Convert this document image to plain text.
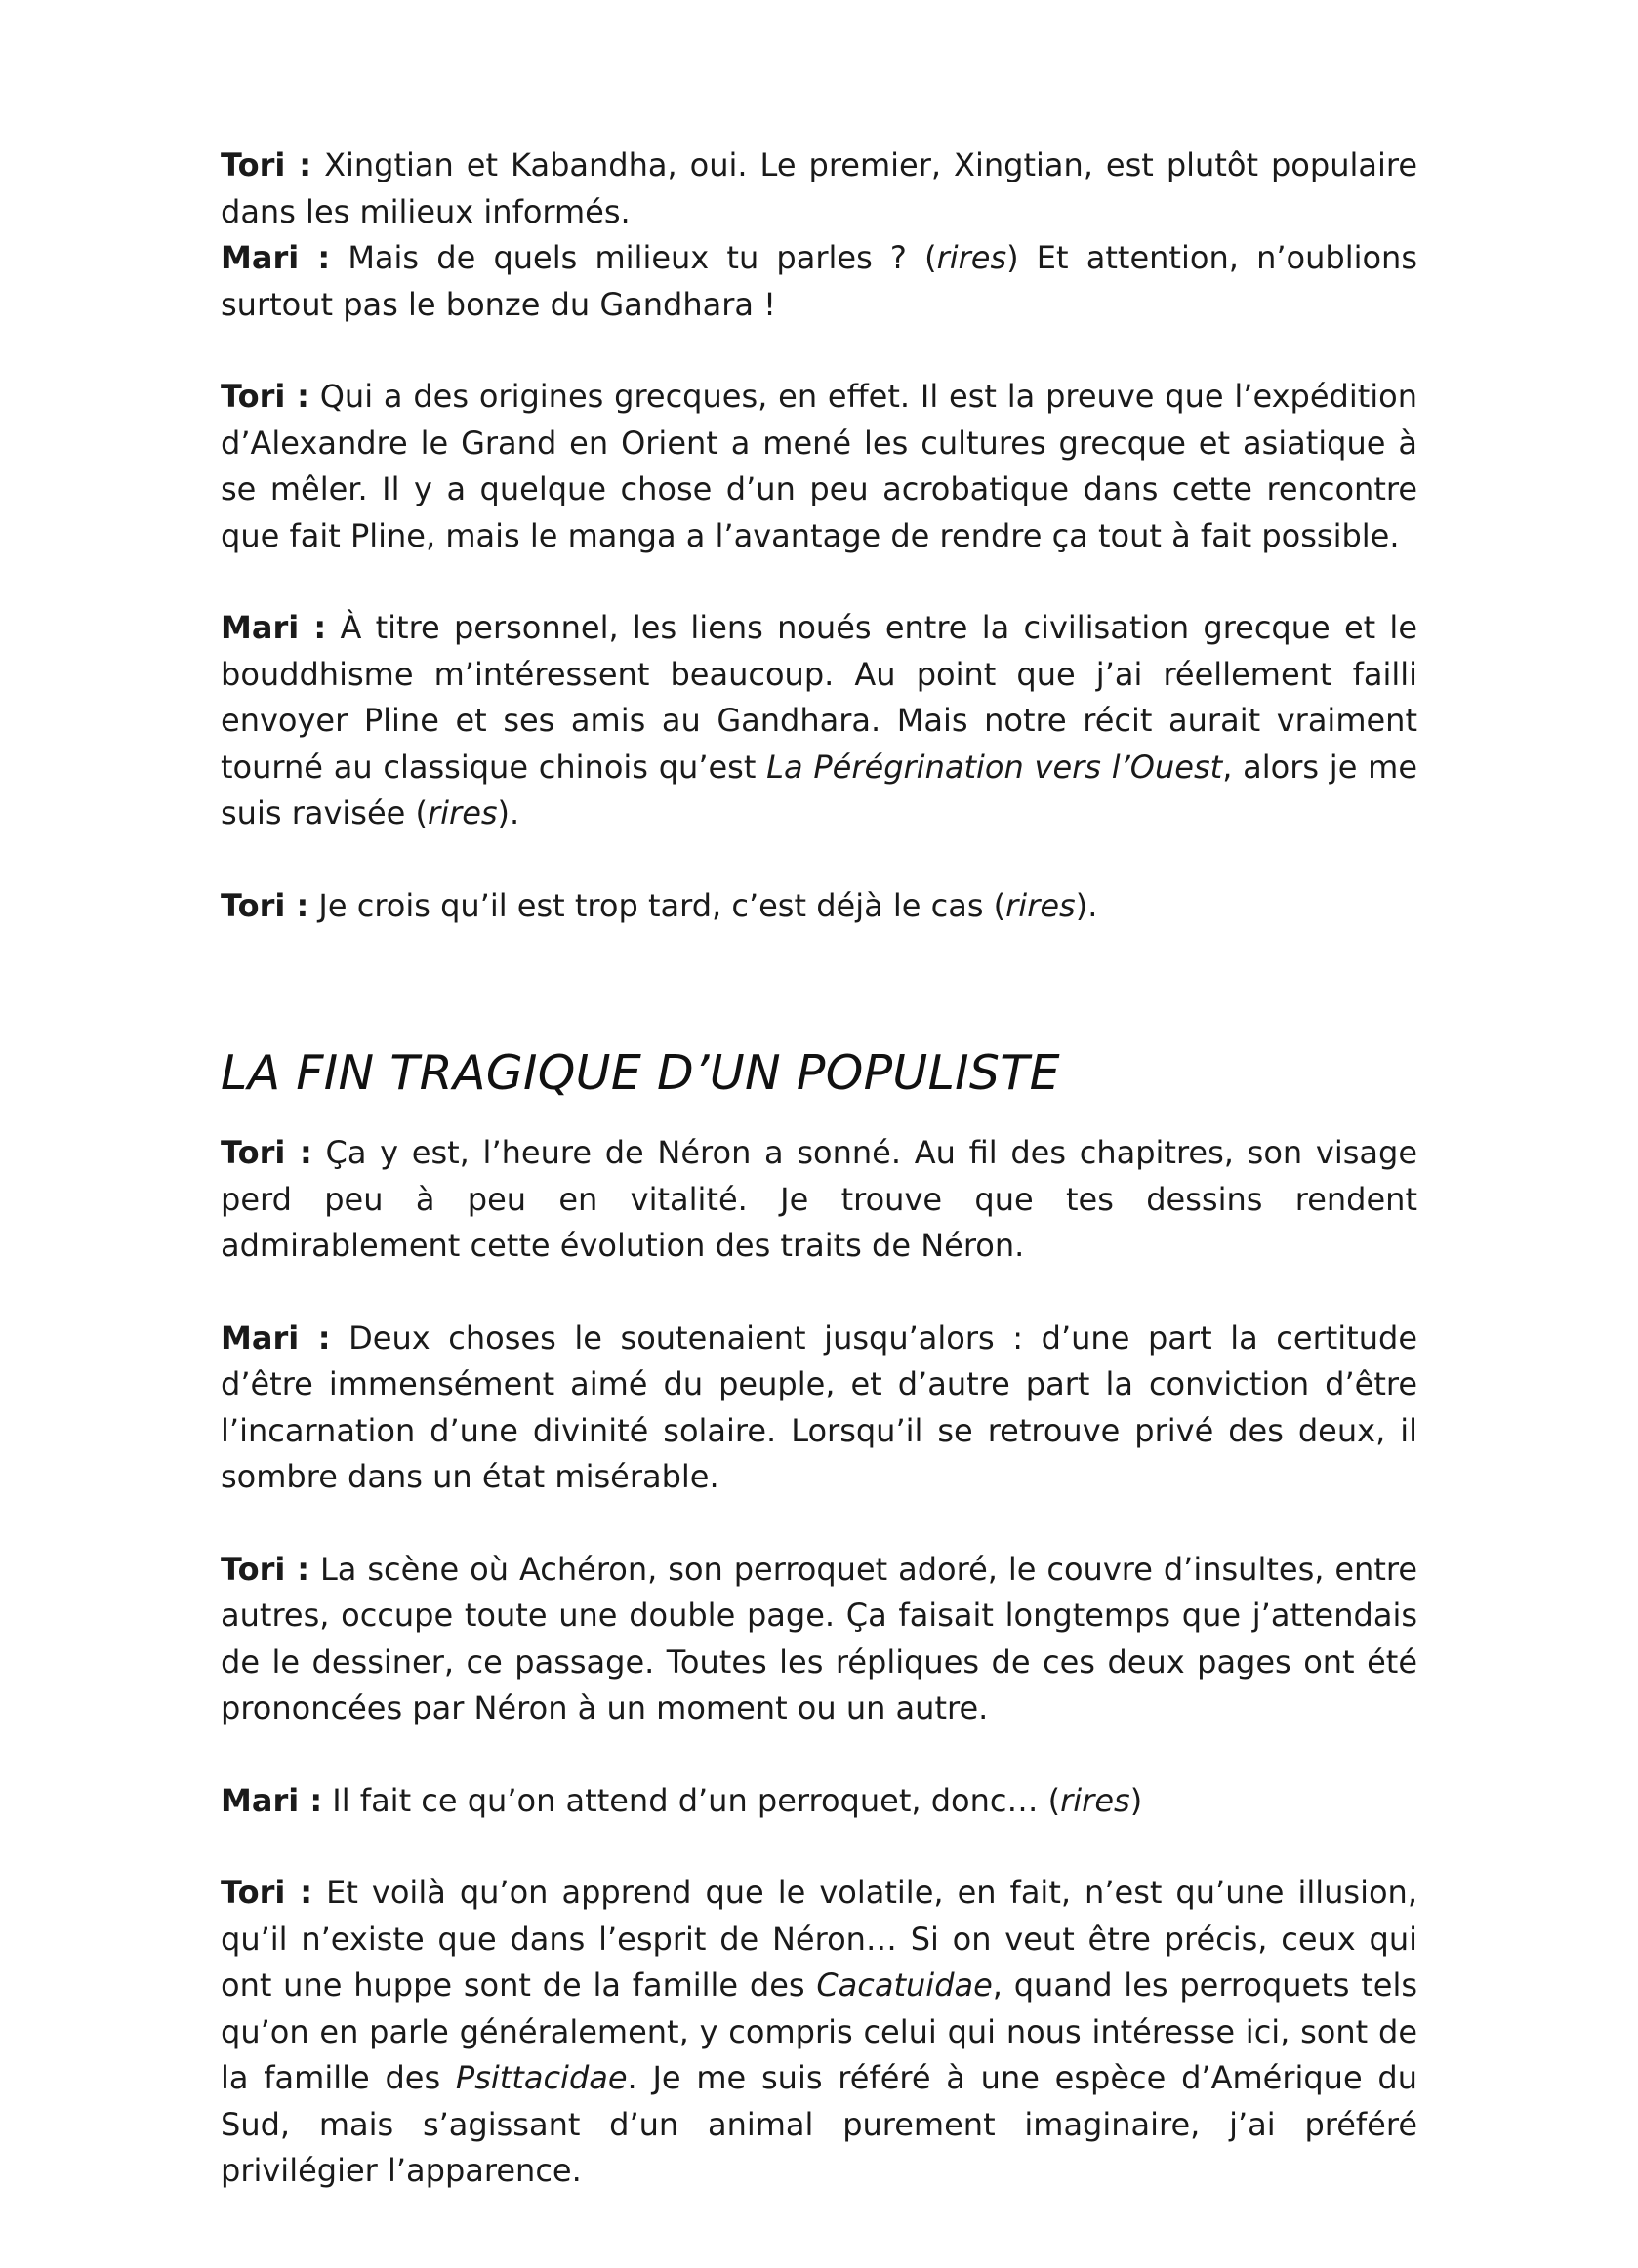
Tori : Xingtian et Kabandha, oui. Le premier, Xingtian, est plutôt populaire dans les milieux informés.

Mari : Mais de quels milieux tu parles ? (rires) Et attention, n’oublions surtout pas le bonze du Gandhara !

Tori : Qui a des origines grecques, en effet. Il est la preuve que l’expédition d’Alexandre le Grand en Orient a mené les cultures grecque et asiatique à se mêler. Il y a quelque chose d’un peu acrobatique dans cette rencontre que fait Pline, mais le manga a l’avantage de rendre ça tout à fait possible.

Mari : À titre personnel, les liens noués entre la civilisation grecque et le bouddhisme m’intéressent beaucoup. Au point que j’ai réellement failli envoyer Pline et ses amis au Gandhara. Mais notre récit aurait vraiment tourné au classique chinois qu’est La Pérégrination vers l’Ouest, alors je me suis ravisée (rires).

Tori : Je crois qu’il est trop tard, c’est déjà le cas (rires).

LA FIN TRAGIQUE D’UN POPULISTE

Tori : Ça y est, l’heure de Néron a sonné. Au fil des chapitres, son visage perd peu à peu en vitalité. Je trouve que tes dessins rendent admirablement cette évolution des traits de Néron.

Mari : Deux choses le soutenaient jusqu’alors : d’une part la certitude d’être immensément aimé du peuple, et d’autre part la conviction d’être l’incarnation d’une divinité solaire. Lorsqu’il se retrouve privé des deux, il sombre dans un état misérable.

Tori : La scène où Achéron, son perroquet adoré, le couvre d’insultes, entre autres, occupe toute une double page. Ça faisait longtemps que j’attendais de le dessiner, ce passage. Toutes les répliques de ces deux pages ont été prononcées par Néron à un moment ou un autre.

Mari : Il fait ce qu’on attend d’un perroquet, donc… (rires)

Tori : Et voilà qu’on apprend que le volatile, en fait, n’est qu’une illusion, qu’il n’existe que dans l’esprit de Néron… Si on veut être précis, ceux qui ont une huppe sont de la famille des Cacatuidae, quand les perroquets tels qu’on en parle généralement, y compris celui qui nous intéresse ici, sont de la famille des Psittacidae. Je me suis référé à une espèce d’Amérique du Sud, mais s’agissant d’un animal purement imaginaire, j’ai préféré privilégier l’apparence.
